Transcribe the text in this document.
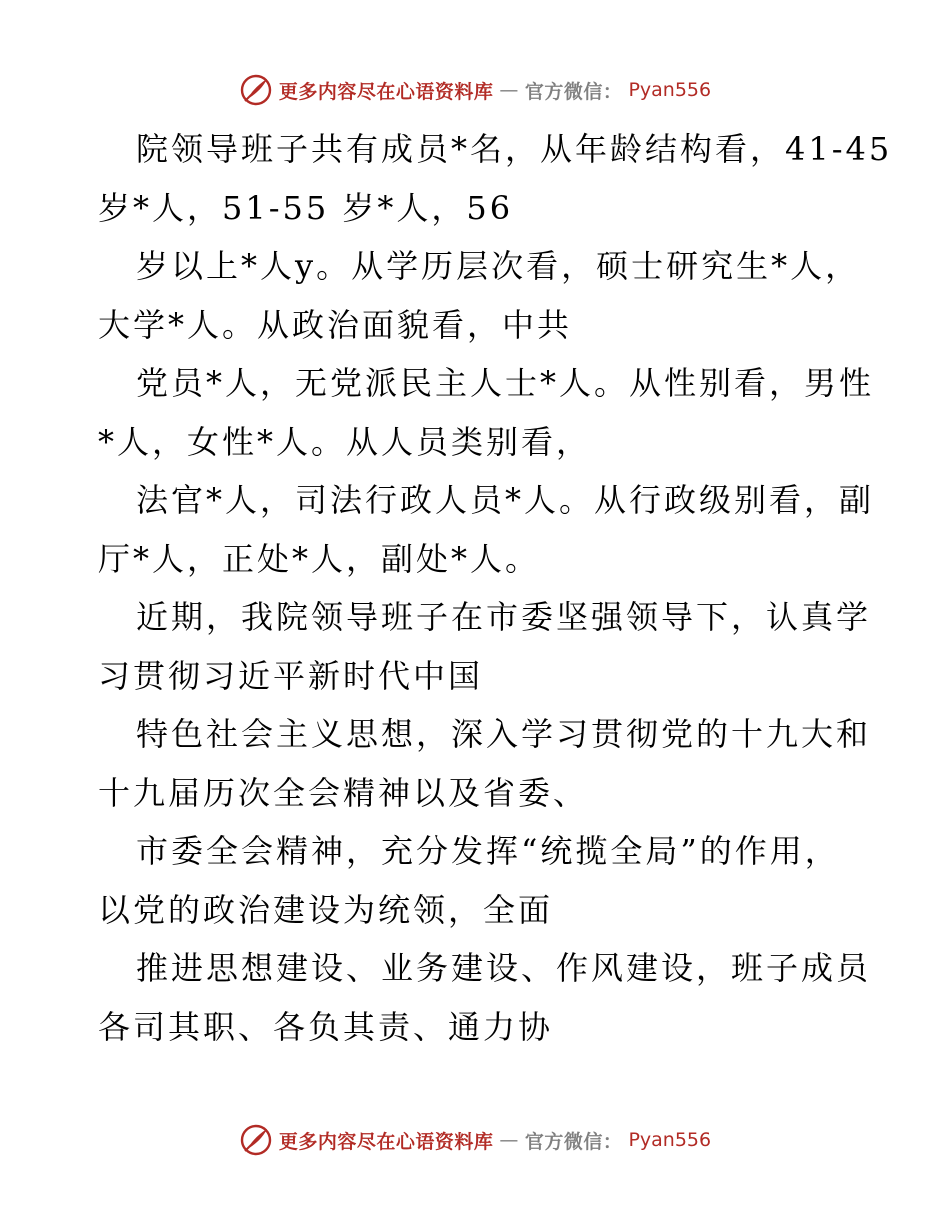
更多内容尽在心语资料库 — 官方微信： Pyan556
院领导班子共有成员*名，从年龄结构看，41-45
岁*人，51-55 岁*人，56
岁以上*人y。从学历层次看，硕士研究生*人，
大学*人。从政治面貌看，中共
党员*人，无党派民主人士*人。从性别看，男性
*人，女性*人。从人员类别看，
法官*人，司法行政人员*人。从行政级别看，副
厅*人，正处*人，副处*人。
近期，我院领导班子在市委坚强领导下，认真学
习贯彻习近平新时代中国
特色社会主义思想，深入学习贯彻党的十九大和
十九届历次全会精神以及省委、
市委全会精神，充分发挥“统揽全局”的作用，
以党的政治建设为统领，全面
推进思想建设、业务建设、作风建设，班子成员
各司其职、各负其责、通力协
更多内容尽在心语资料库 — 官方微信： Pyan556
